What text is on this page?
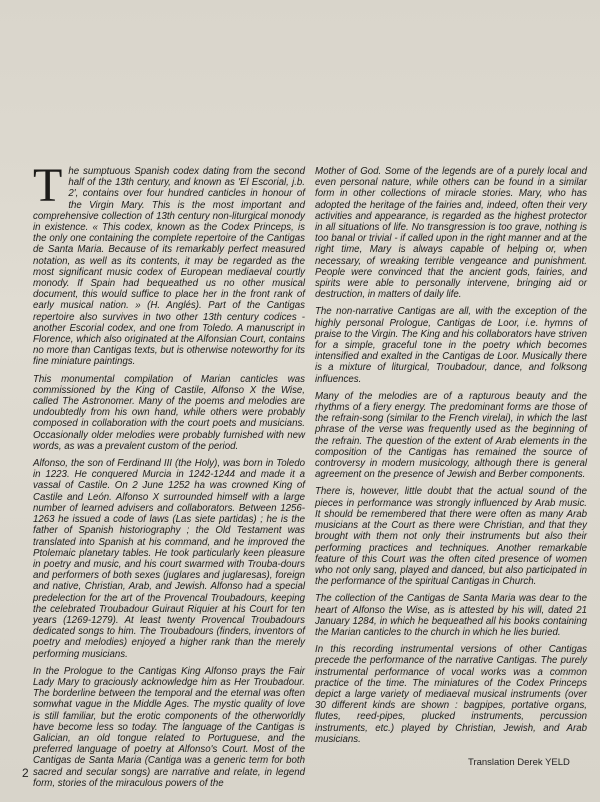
The sumptuous Spanish codex dating from the second half of the 13th century, and known as 'El Escorial, j.b. 2', contains over four hundred canticles in honour of the Virgin Mary. This is the most important and comprehensive collection of 13th century non-liturgical monody in existence. « This codex, known as the Codex Princeps, is the only one containing the complete repertoire of the Cantigas de Santa Maria. Because of its remarkably perfect measured notation, as well as its contents, it may be regarded as the most significant music codex of European mediaeval courtly monody. If Spain had bequeathed us no other musical document, this would suffice to place her in the front rank of early musical nation. » (H. Anglés). Part of the Cantigas repertoire also survives in two other 13th century codices - another Escorial codex, and one from Toledo. A manuscript in Florence, which also originated at the Alfonsian Court, contains no more than Cantigas texts, but is otherwise noteworthy for its fine miniature paintings.

This monumental compilation of Marian canticles was commissioned by the King of Castile, Alfonso X the Wise, called The Astronomer. Many of the poems and melodies are undoubtedly from his own hand, while others were probably composed in collaboration with the court poets and musicians. Occasionally older melodies were probably furnished with new words, as was a prevalent custom of the period.

Alfonso, the son of Ferdinand III (the Holy), was born in Toledo in 1223. He conquered Murcia in 1242-1244 and made it a vassal of Castile. On 2 June 1252 ha was crowned King of Castile and León. Alfonso X surrounded himself with a large number of learned advisers and collaborators. Between 1256-1263 he issued a code of laws (Las siete partidas) ; he is the father of Spanish historiography ; the Old Testament was translated into Spanish at his command, and he improved the Ptolemaic planetary tables. He took particularly keen pleasure in poetry and music, and his court swarmed with Trouba-dours and performers of both sexes (juglares and juglaresas), foreign and native, Christian, Arab, and Jewish. Alfonso had a special predelection for the art of the Provencal Troubadours, keeping the celebrated Troubadour Guiraut Riquier at his Court for ten years (1269-1279). At least twenty Provencal Troubadours dedicated songs to him. The Troubadours (finders, inventors of poetry and melodies) enjoyed a higher rank than the merely performing musicians.

In the Prologue to the Cantigas King Alfonso prays the Fair Lady Mary to graciously acknowledge him as Her Troubadour. The borderline between the temporal and the eternal was often somwhat vague in the Middle Ages. The mystic quality of love is still familiar, but the erotic components of the otherworldly have become less so today. The language of the Cantigas is Galician, an old tongue related to Portuguese, and the preferred language of poetry at Alfonso's Court. Most of the Cantigas de Santa Maria (Cantiga was a generic term for both sacred and secular songs) are narrative and relate, in legend form, stories of the miraculous powers of the

Mother of God. Some of the legends are of a purely local and even personal nature, while others can be found in a similar form in other collections of miracle stories. Mary, who has adopted the heritage of the fairies and, indeed, often their very activities and appearance, is regarded as the highest protector in all situations of life. No transgression is too grave, nothing is too banal or trivial - if called upon in the right manner and at the right time, Mary is always capable of helping or, when necessary, of wreaking terrible vengeance and punishment. People were convinced that the ancient gods, fairies, and spirits were able to personally intervene, bringing aid or destruction, in matters of daily life.

The non-narrative Cantigas are all, with the exception of the highly personal Prologue, Cantigas de Loor, i.e. hymns of praise to the Virgin. The King and his collaborators have striven for a simple, graceful tone in the poetry which becomes intensified and exalted in the Cantigas de Loor. Musically there is a mixture of liturgical, Troubadour, dance, and folksong influences.

Many of the melodies are of a rapturous beauty and the rhythms of a fiery energy. The predominant forms are those of the refrain-song (similar to the French virelai), in which the last phrase of the verse was frequently used as the beginning of the refrain. The question of the extent of Arab elements in the composition of the Cantigas has remained the source of controversy in modern musicology, although there is general agreement on the presence of Jewish and Berber components.

There is, however, little doubt that the actual sound of the pieces in performance was strongly influenced by Arab music. It should be remembered that there were often as many Arab musicians at the Court as there were Christian, and that they brought with them not only their instruments but also their performing practices and techniques. Another remarkable feature of this Court was the often cited presence of women who not only sang, played and danced, but also participated in the performance of the spiritual Cantigas in Church.

The collection of the Cantigas de Santa Maria was dear to the heart of Alfonso the Wise, as is attested by his will, dated 21 January 1284, in which he bequeathed all his books containing the Marian canticles to the church in which he lies buried.

In this recording instrumental versions of other Cantigas precede the performance of the narrative Cantigas. The purely instrumental performance of vocal works was a common practice of the time. The miniatures of the Codex Princeps depict a large variety of mediaeval musical instruments (over 30 different kinds are shown : bagpipes, portative organs, flutes, reed-pipes, plucked instruments, percussion instruments, etc.) played by Christian, Jewish, and Arab musicians.

2
Translation Derek YELD
